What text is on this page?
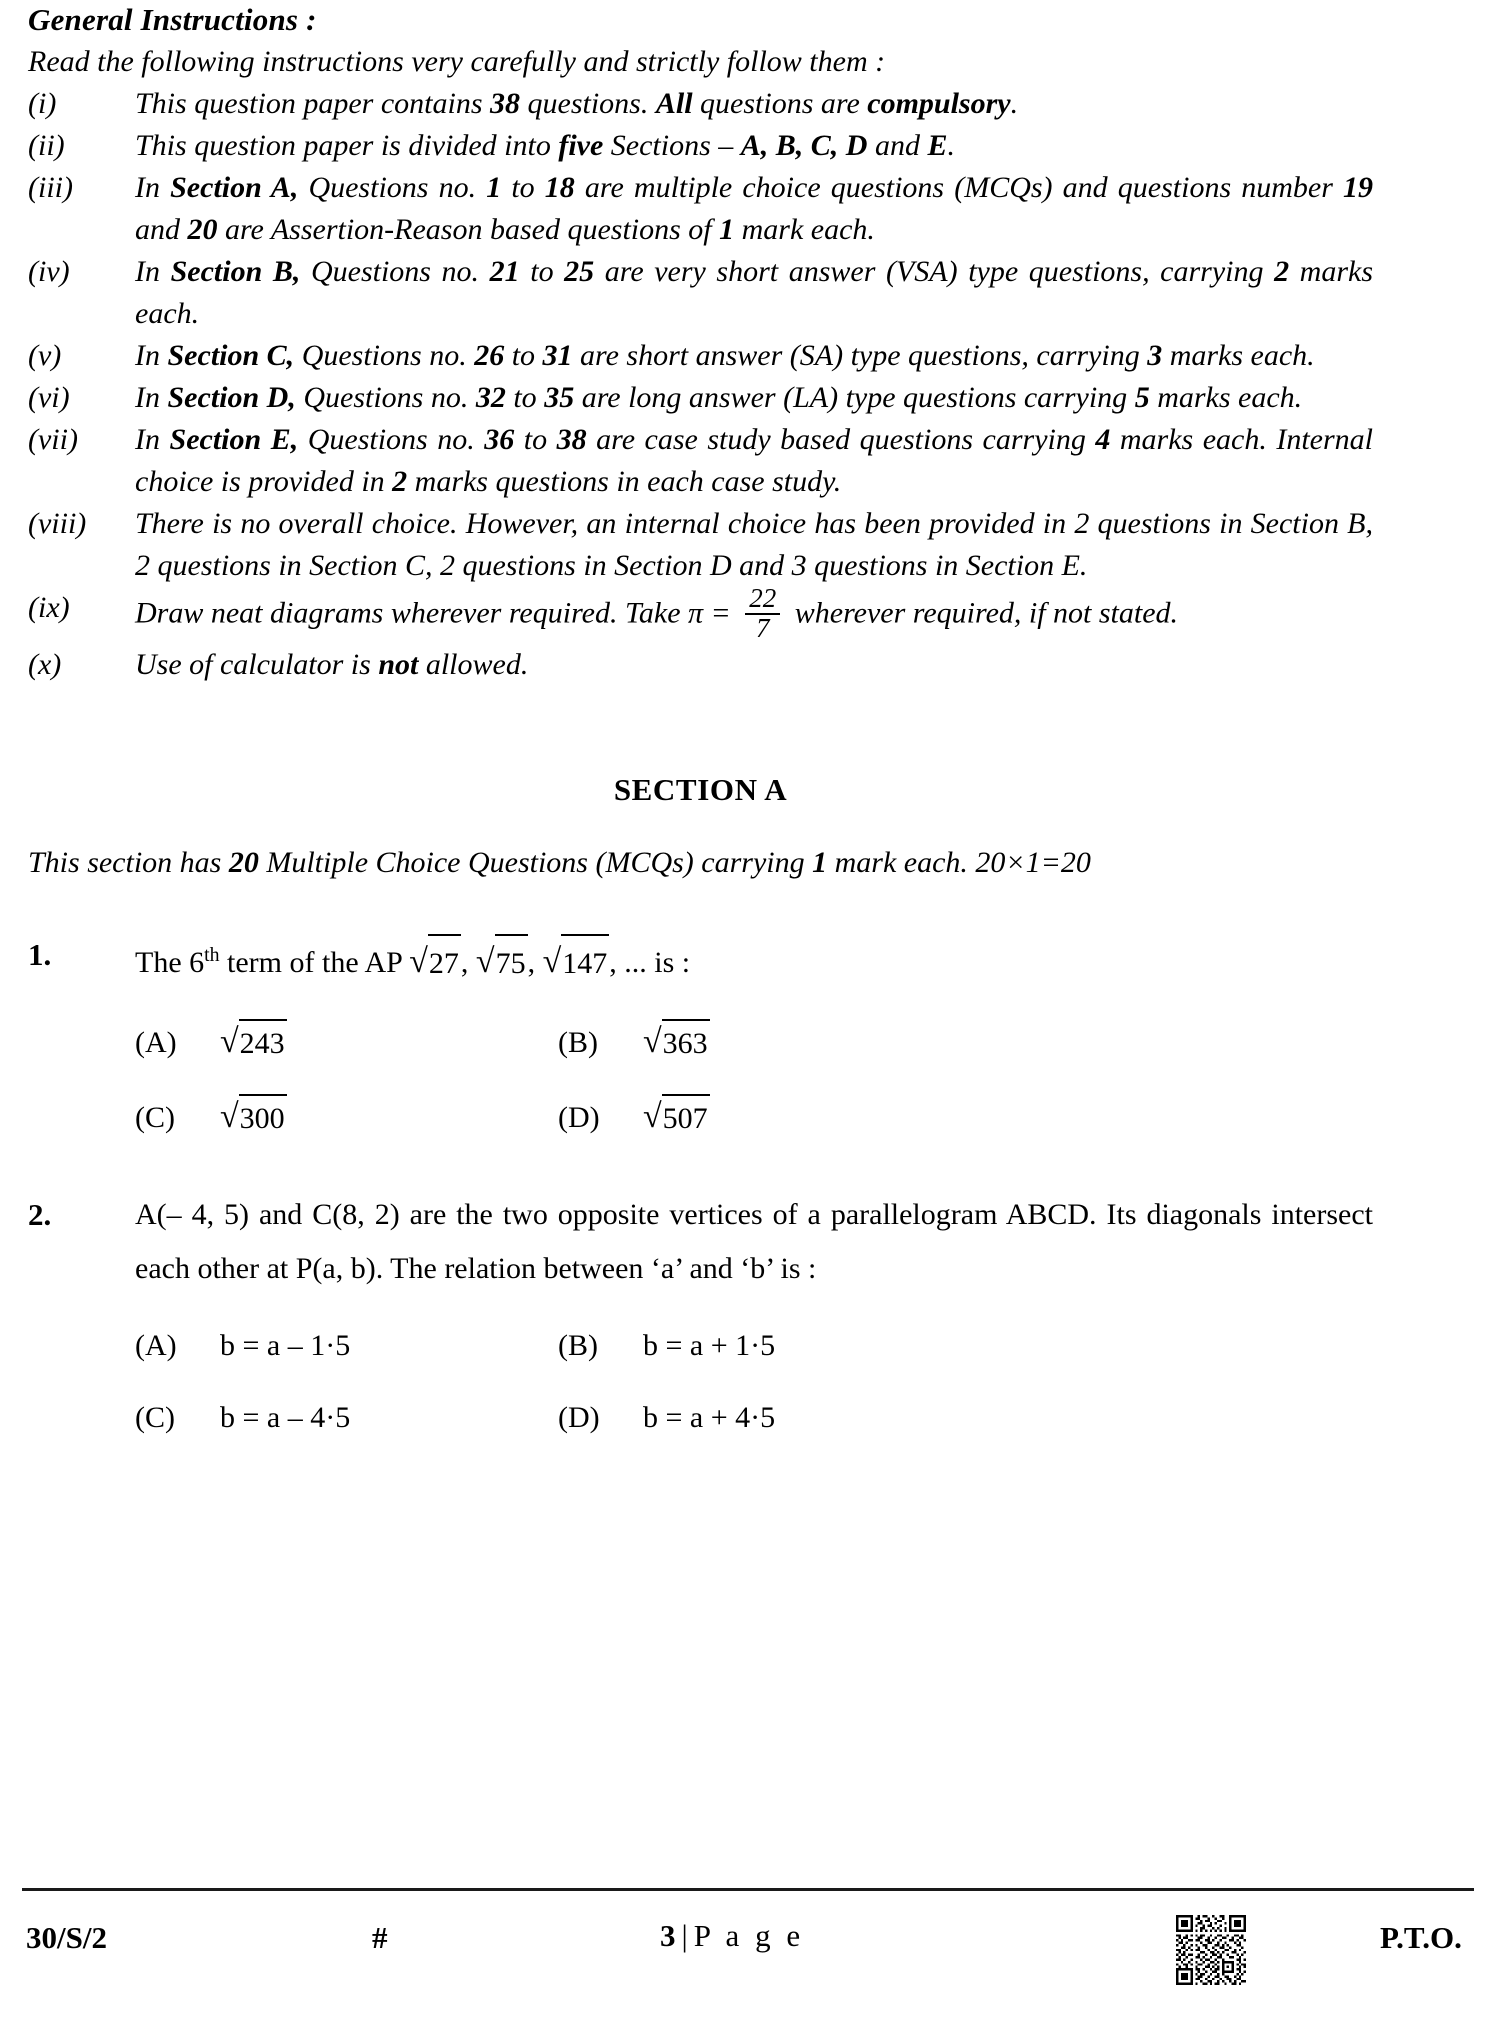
General Instructions :
Read the following instructions very carefully and strictly follow them :
(i)	This question paper contains 38 questions. All questions are compulsory.
(ii)	This question paper is divided into five Sections – A, B, C, D and E.
(iii)	In Section A, Questions no. 1 to 18 are multiple choice questions (MCQs) and questions number 19 and 20 are Assertion-Reason based questions of 1 mark each.
(iv)	In Section B, Questions no. 21 to 25 are very short answer (VSA) type questions, carrying 2 marks each.
(v)	In Section C, Questions no. 26 to 31 are short answer (SA) type questions, carrying 3 marks each.
(vi)	In Section D, Questions no. 32 to 35 are long answer (LA) type questions carrying 5 marks each.
(vii)	In Section E, Questions no. 36 to 38 are case study based questions carrying 4 marks each. Internal choice is provided in 2 marks questions in each case study.
(viii)	There is no overall choice. However, an internal choice has been provided in 2 questions in Section B, 2 questions in Section C, 2 questions in Section D and 3 questions in Section E.
(ix)	Draw neat diagrams wherever required. Take $\pi = \frac{22}{7}$ wherever required, if not stated.
(x)	Use of calculator is not allowed.
SECTION A
This section has 20 Multiple Choice Questions (MCQs) carrying 1 mark each. 20×1=20
1.	The 6th term of the AP √27, √75, √147, ... is :
(A)	√243	(B)	√363
(C)	√300	(D)	√507
2.	A(– 4, 5) and C(8, 2) are the two opposite vertices of a parallelogram ABCD. Its diagonals intersect each other at P(a, b). The relation between ‘a’ and ‘b’ is :
(A)	b = a – 1·5	(B)	b = a + 1·5
(C)	b = a – 4·5	(D)	b = a + 4·5
30/S/2	#	3 | P a g e	P.T.O.
